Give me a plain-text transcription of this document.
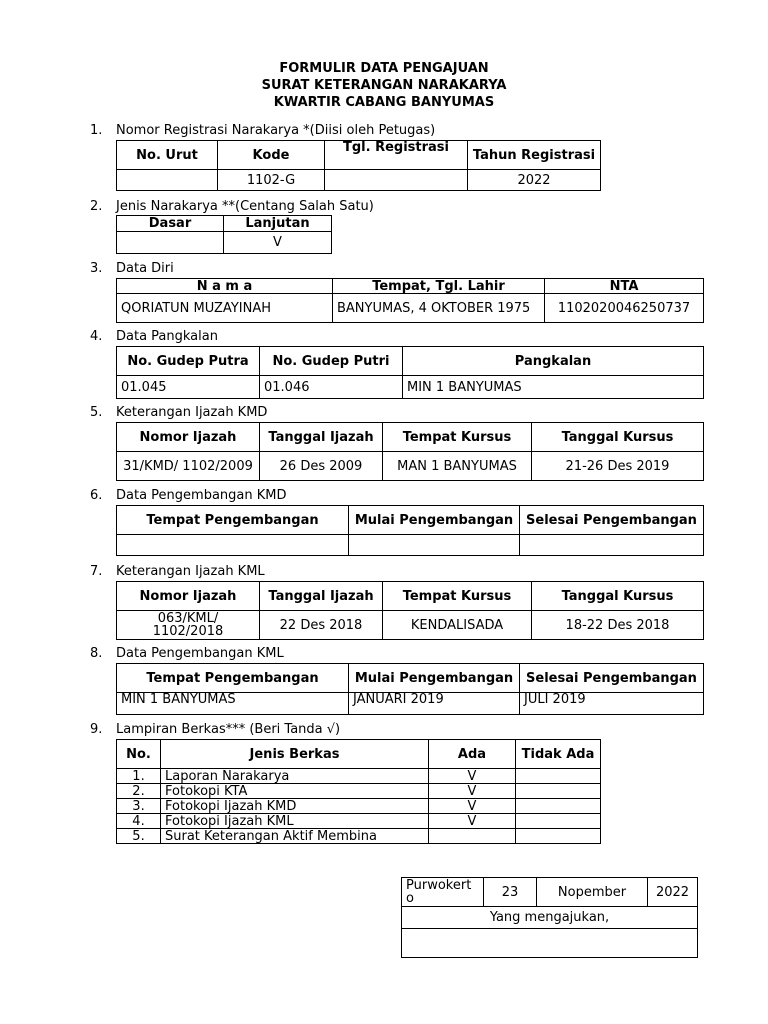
FORMULIR DATA PENGAJUAN
SURAT KETERANGAN NARAKARYA
KWARTIR CABANG BANYUMAS
1. Nomor Registrasi Narakarya *(Diisi oleh Petugas)
No. Urut	Kode	Tgl. Registrasi	Tahun Registrasi
	1102-G		2022
2. Jenis Narakarya **(Centang Salah Satu)
Dasar	Lanjutan
	V
3. Data Diri
N a m a	Tempat, Tgl. Lahir	NTA
QORIATUN MUZAYINAH	BANYUMAS, 4 OKTOBER 1975	110202004625073​7
4. Data Pangkalan
No. Gudep Putra	No. Gudep Putri	Pangkalan
01.045	01.046	MIN 1 BANYUMAS
5. Keterangan Ijazah KMD
Nomor Ijazah	Tanggal Ijazah	Tempat Kursus	Tanggal Kursus
31/KMD/ 1102/2009	26 Des 2009	MAN 1 BANYUMAS	21-26 Des 2019
6. Data Pengembangan KMD
Tempat Pengembangan	Mulai Pengembangan	Selesai Pengembangan

7. Keterangan Ijazah KML
Nomor Ijazah	Tanggal Ijazah	Tempat Kursus	Tanggal Kursus
063/KML/ 1102/2018	22 Des 2018	KENDALISADA	18-22 Des 2018
8. Data Pengembangan KML
Tempat Pengembangan	Mulai Pengembangan	Selesai Pengembangan
MIN 1 BANYUMAS	JANUARI 2019	JULI 2019
9. Lampiran Berkas*** (Beri Tanda √)
No.	Jenis Berkas	Ada	Tidak Ada
1.	Laporan Narakarya	V	
2.	Fotokopi KTA	V	
3.	Fotokopi Ijazah KMD	V	
4.	Fotokopi Ijazah KML	V	
5.	Surat Keterangan Aktif Membina		
Purwokerto	23	Nopember	2022
Yang mengajukan,
